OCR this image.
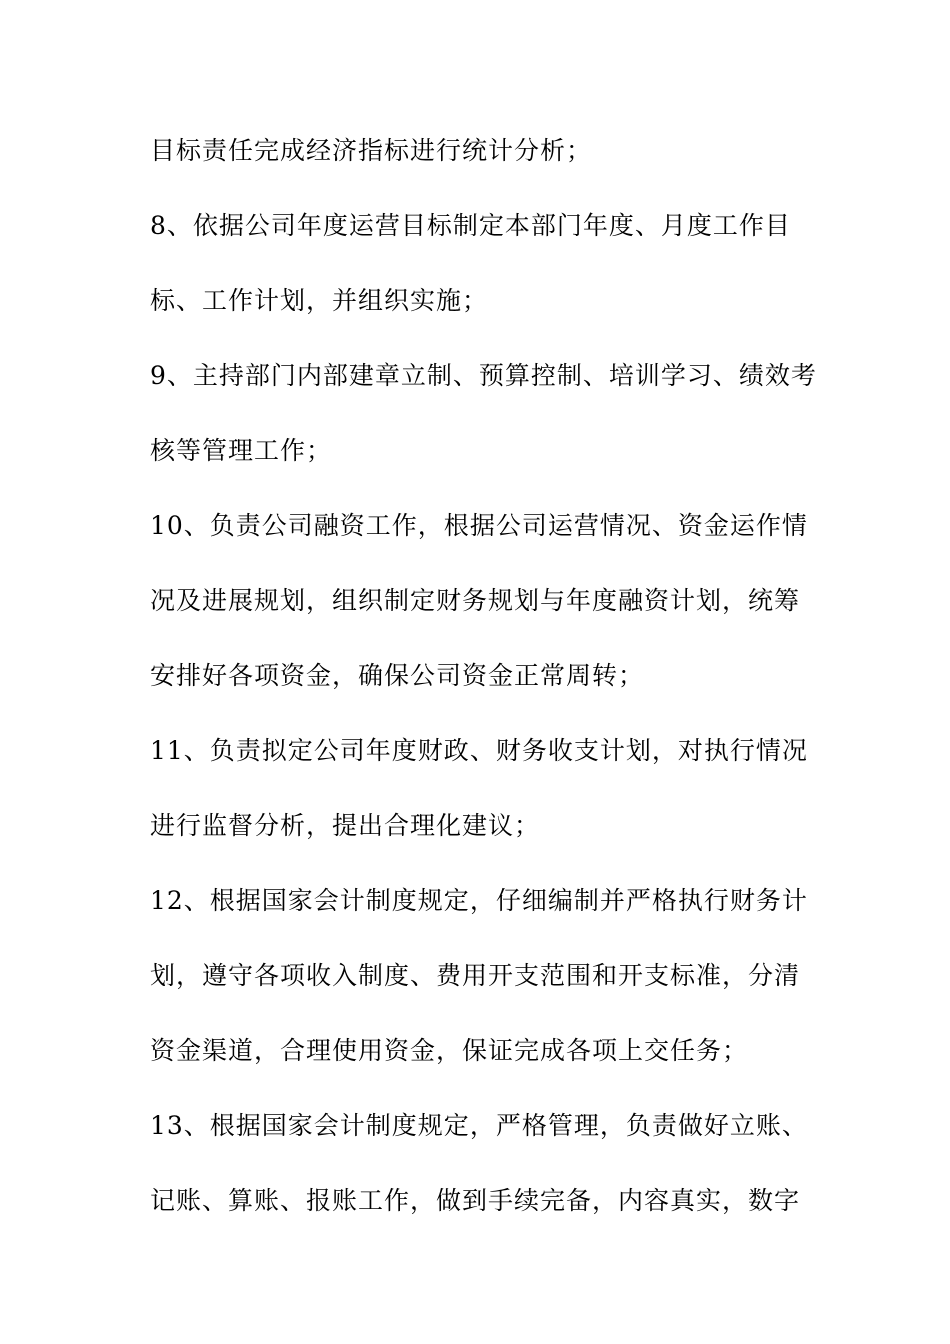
目标责任完成经济指标进行统计分析；

8、依据公司年度运营目标制定本部门年度、月度工作目

标、工作计划，并组织实施；

9、主持部门内部建章立制、预算控制、培训学习、绩效考

核等管理工作；

10、负责公司融资工作，根据公司运营情况、资金运作情

况及进展规划，组织制定财务规划与年度融资计划，统筹

安排好各项资金，确保公司资金正常周转；

11、负责拟定公司年度财政、财务收支计划，对执行情况

进行监督分析，提出合理化建议；

12、根据国家会计制度规定，仔细编制并严格执行财务计

划，遵守各项收入制度、费用开支范围和开支标准，分清

资金渠道，合理使用资金，保证完成各项上交任务；

13、根据国家会计制度规定，严格管理，负责做好立账、

记账、算账、报账工作，做到手续完备，内容真实，数字
